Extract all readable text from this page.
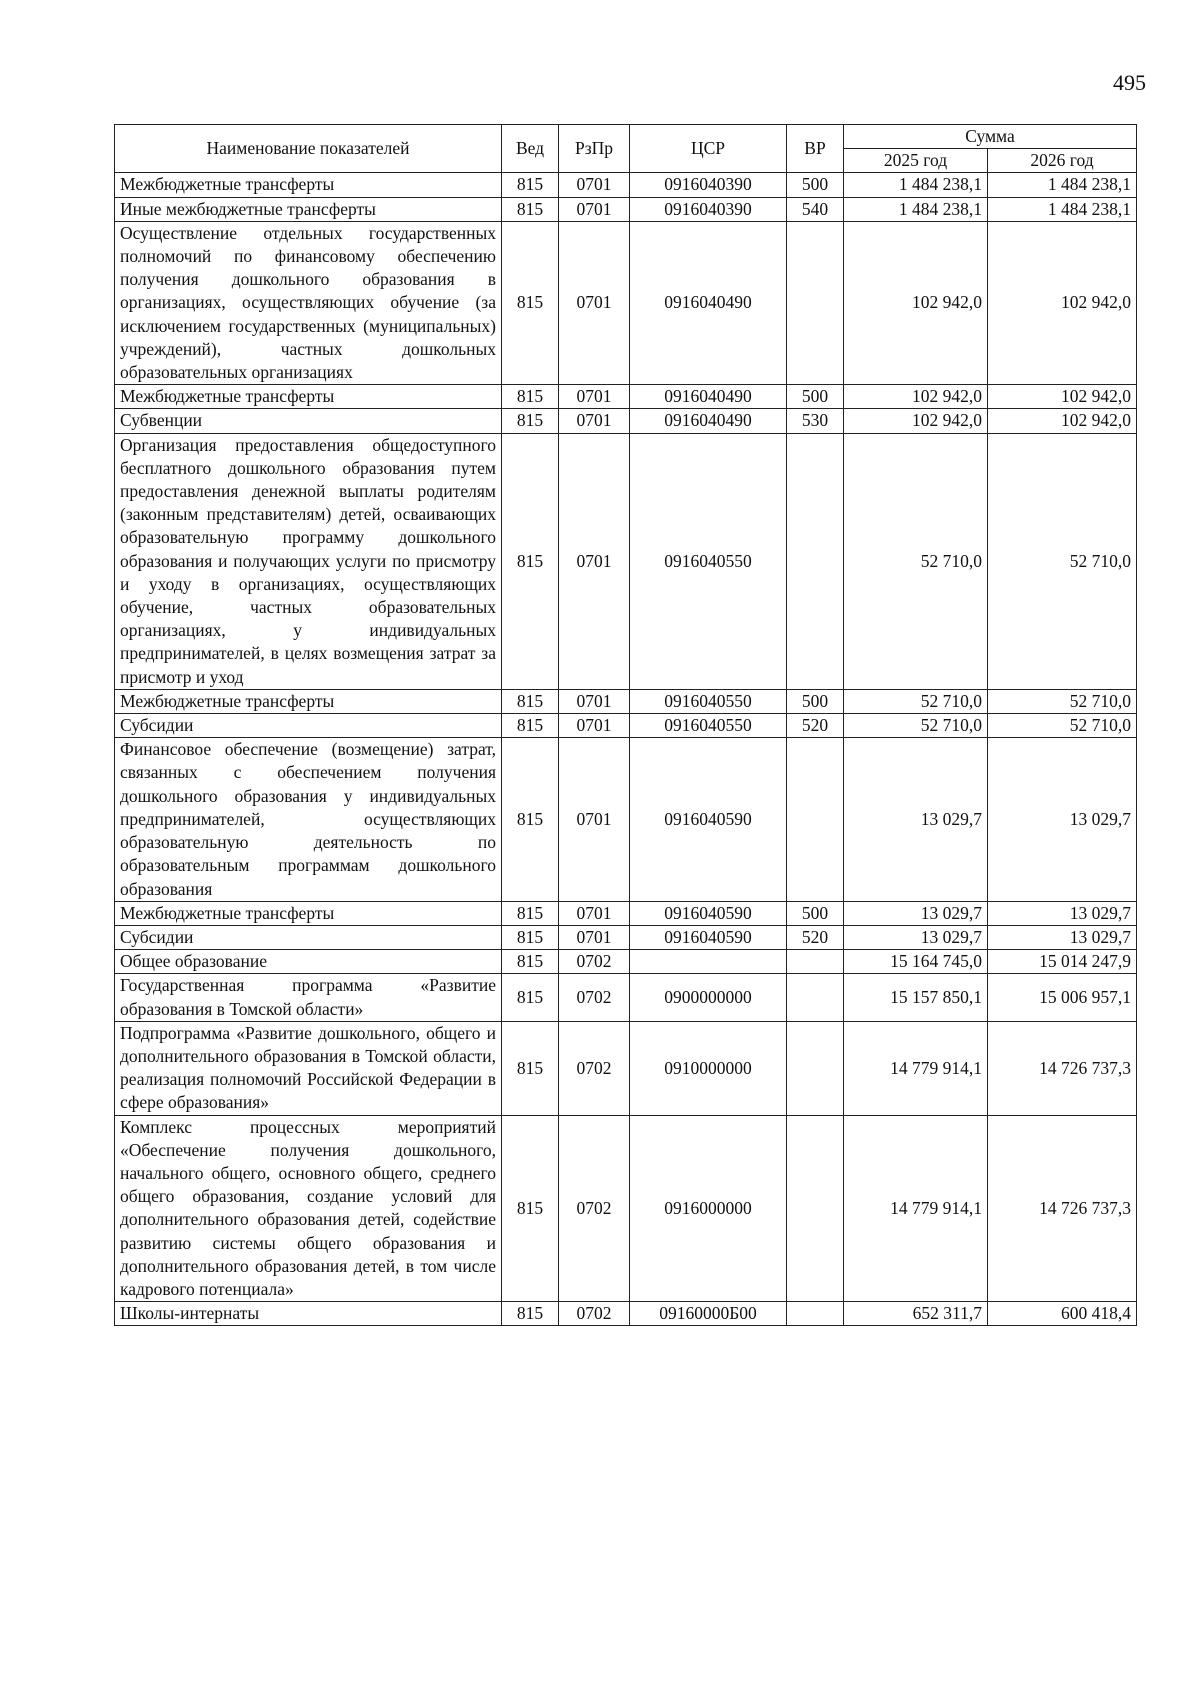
495
Наименование показателей	Вед	РзПр	ЦСР	ВР	Сумма	
					2025 год	2026 год
Межбюджетные трансферты	815	0701	0916040390	500	1 484 238,1	1 484 238,1
Иные межбюджетные трансферты	815	0701	0916040390	540	1 484 238,1	1 484 238,1
Осуществление отдельных государственных полномочий по финансовому обеспечению получения дошкольного образования в организациях, осуществляющих обучение (за исключением государственных (муниципальных) учреждений), частных дошкольных образовательных организациях	815	0701	0916040490		102 942,0	102 942,0
Межбюджетные трансферты	815	0701	0916040490	500	102 942,0	102 942,0
Субвенции	815	0701	0916040490	530	102 942,0	102 942,0
Организация предоставления общедоступного бесплатного дошкольного образования путем предоставления денежной выплаты родителям (законным представителям) детей, осваивающих образовательную программу дошкольного образования и получающих услуги по присмотру и уходу в организациях, осуществляющих обучение, частных образовательных организациях, у индивидуальных предпринимателей, в целях возмещения затрат за присмотр и уход	815	0701	0916040550		52 710,0	52 710,0
Межбюджетные трансферты	815	0701	0916040550	500	52 710,0	52 710,0
Субсидии	815	0701	0916040550	520	52 710,0	52 710,0
Финансовое обеспечение (возмещение) затрат, связанных с обеспечением получения дошкольного образования у индивидуальных предпринимателей, осуществляющих образовательную деятельность по образовательным программам дошкольного образования	815	0701	0916040590		13 029,7	13 029,7
Межбюджетные трансферты	815	0701	0916040590	500	13 029,7	13 029,7
Субсидии	815	0701	0916040590	520	13 029,7	13 029,7
Общее образование	815	0702			15 164 745,0	15 014 247,9
Государственная программа «Развитие образования в Томской области»	815	0702	0900000000		15 157 850,1	15 006 957,1
Подпрограмма «Развитие дошкольного, общего и дополнительного образования в Томской области, реализация полномочий Российской Федерации в сфере образования»	815	0702	0910000000		14 779 914,1	14 726 737,3
Комплекс процессных мероприятий «Обеспечение получения дошкольного, начального общего, основного общего, среднего общего образования, создание условий для дополнительного образования детей, содействие развитию системы общего образования и дополнительного образования детей, в том числе кадрового потенциала»	815	0702	0916000000		14 779 914,1	14 726 737,3
Школы-интернаты	815	0702	09160000Б00		652 311,7	600 418,4
